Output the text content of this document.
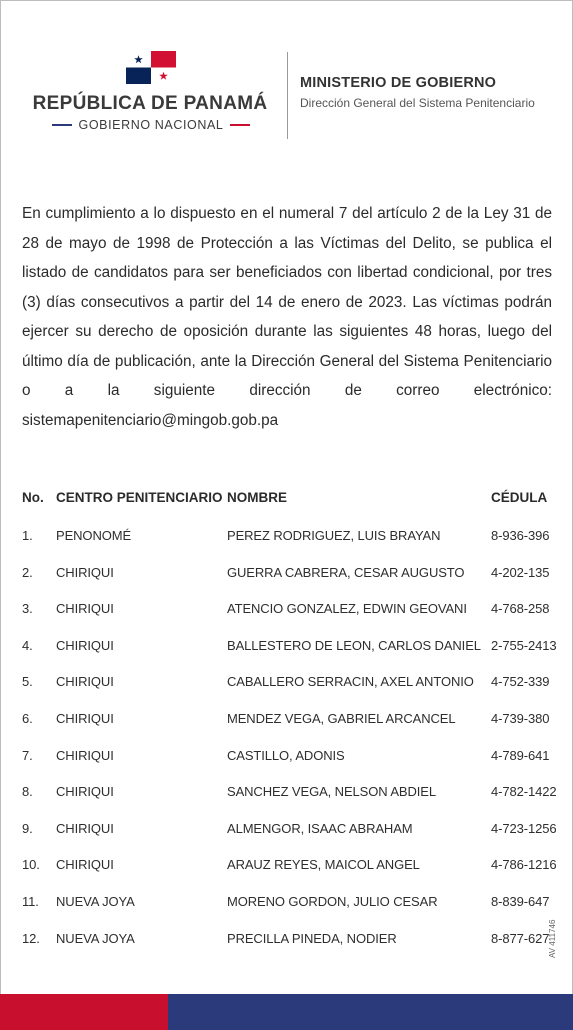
REPÚBLICA DE PANAMÁ
GOBIERNO NACIONAL
MINISTERIO DE GOBIERNO
Dirección General del Sistema Penitenciario
En cumplimiento a lo dispuesto en el numeral 7 del artículo 2 de la Ley 31 de 28 de mayo de 1998 de Protección a las Víctimas del Delito, se publica el listado de candidatos para ser beneficiados con libertad condicional, por tres (3) días consecutivos a partir del 14 de enero de 2023. Las víctimas podrán ejercer su derecho de oposición durante las siguientes 48 horas, luego del último día de publicación, ante la Dirección General del Sistema Penitenciario o a la siguiente dirección de correo electrónico: sistemapenitenciario@mingob.gob.pa
No. CENTRO PENITENCIARIO NOMBRE	CÉDULA
1. PENONOMÉ	PEREZ RODRIGUEZ, LUIS BRAYAN	8-936-396
2. CHIRIQUI	GUERRA CABRERA, CESAR AUGUSTO 4-202-135
3. CHIRIQUI	ATENCIO GONZALEZ, EDWIN GEOVANI 4-768-258
4. CHIRIQUI	BALLESTERO DE LEON, CARLOS DANIEL 2-755-2413
5. CHIRIQUI	CABALLERO SERRACIN, AXEL ANTONIO 4-752-339
6. CHIRIQUI	MENDEZ VEGA, GABRIEL ARCANCEL	4-739-380
7. CHIRIQUI	CASTILLO, ADONIS	4-789-641
8. CHIRIQUI	SANCHEZ VEGA, NELSON ABDIEL	4-782-1422
9. CHIRIQUI	ALMENGOR, ISAAC ABRAHAM	4-723-1256
10. CHIRIQUI	ARAUZ REYES, MAICOL ANGEL	4-786-1216
11. NUEVA JOYA	MORENO GORDON, JULIO CESAR	8-839-647
12. NUEVA JOYA	PRECILLA PINEDA, NODIER	8-877-627
AV 411746
